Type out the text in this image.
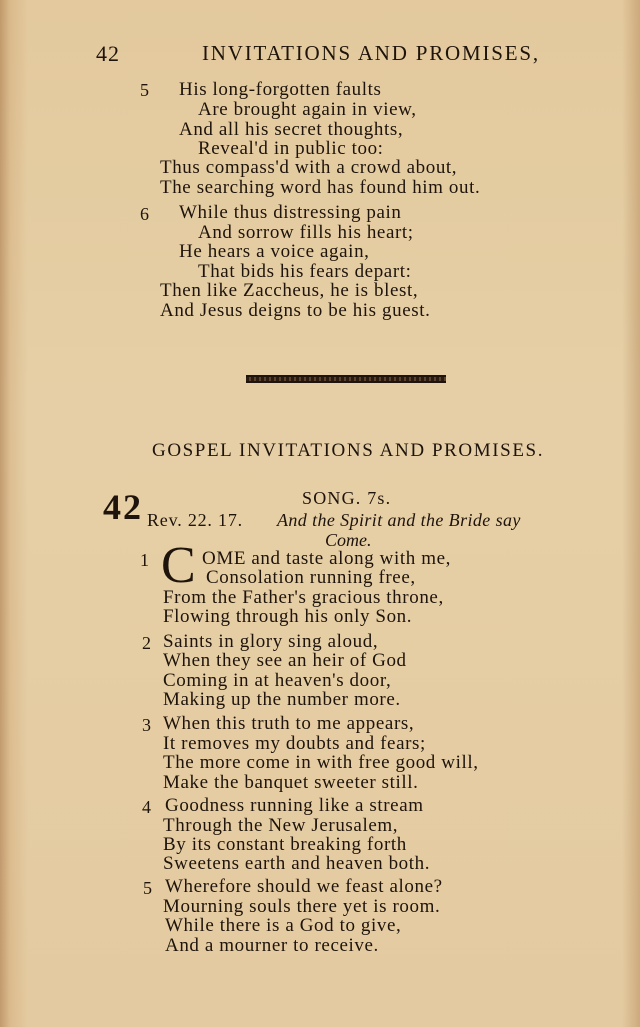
42	INVITATIONS AND PROMISES,
5 His long-forgotten faults
Are brought again in view,
And all his secret thoughts,
Reveal'd in public too:
Thus compass'd with a crowd about,
The searching word has found him out.
6 While thus distressing pain
And sorrow fills his heart;
He hears a voice again,
That bids his fears depart:
Then like Zaccheus, he is blest,
And Jesus deigns to be his guest.
GOSPEL INVITATIONS AND PROMISES.
42	SONG. 7s.
Rev. 22. 17. And the Spirit and the Bride say
Come.
1 C OME and taste along with me,
Consolation running free,
From the Father's gracious throne,
Flowing through his only Son.
2 Saints in glory sing aloud,
When they see an heir of God
Coming in at heaven's door,
Making up the number more.
3 When this truth to me appears,
It removes my doubts and fears;
The more come in with free good will,
Make the banquet sweeter still.
4 Goodness running like a stream
Through the New Jerusalem,
By its constant breaking forth
Sweetens earth and heaven both.
5 Wherefore should we feast alone?
Mourning souls there yet is room.
While there is a God to give,
And a mourner to receive.
